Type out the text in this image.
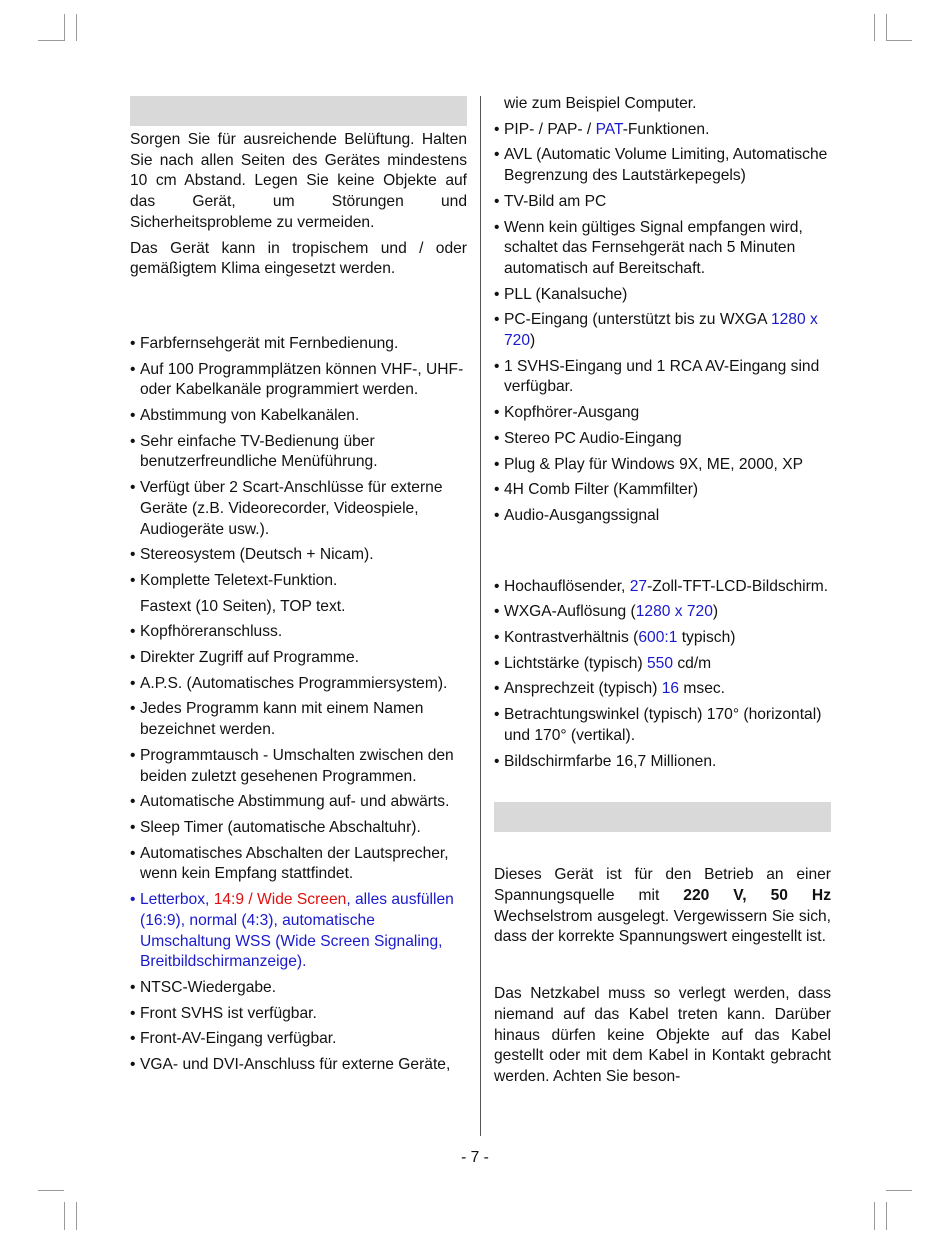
Sorgen Sie für ausreichende Belüftung. Halten Sie nach allen Seiten des Gerätes mindestens 10 cm Abstand. Legen Sie keine Objekte auf das Gerät, um Störungen und Sicherheitsprobleme zu vermeiden.

Das Gerät kann in tropischem und / oder gemäßigtem Klima eingesetzt werden.

• Farbfernsehgerät mit Fernbedienung.
• Auf 100 Programmplätzen können VHF-, UHF- oder Kabelkanäle programmiert werden.
• Abstimmung von Kabelkanälen.
• Sehr einfache TV-Bedienung über benutzerfreundliche Menüführung.
• Verfügt über 2 Scart-Anschlüsse für externe Geräte (z.B. Videorecorder, Videospiele, Audiogeräte usw.).
• Stereosystem (Deutsch + Nicam).
• Komplette Teletext-Funktion.
Fastext (10 Seiten), TOP text.
• Kopfhöreranschluss.
• Direkter Zugriff auf Programme.
• A.P.S. (Automatisches Programmiersystem).
• Jedes Programm kann mit einem Namen bezeichnet werden.
• Programmtausch - Umschalten zwischen den beiden zuletzt gesehenen Programmen.
• Automatische Abstimmung auf- und abwärts.
• Sleep Timer (automatische Abschaltuhr).
• Automatisches Abschalten der Lautsprecher, wenn kein Empfang stattfindet.
• Letterbox, 14:9 / Wide Screen, alles ausfüllen (16:9), normal (4:3), automatische Umschaltung WSS (Wide Screen Signaling, Breitbildschirmanzeige).
• NTSC-Wiedergabe.
• Front SVHS ist verfügbar.
• Front-AV-Eingang verfügbar.
• VGA- und DVI-Anschluss für externe Geräte,
wie zum Beispiel Computer.
• PIP- / PAP- / PAT-Funktionen.
• AVL (Automatic Volume Limiting, Automatische Begrenzung des Lautstärkepegels)
• TV-Bild am PC
• Wenn kein gültiges Signal empfangen wird, schaltet das Fernsehgerät nach 5 Minuten automatisch auf Bereitschaft.
• PLL (Kanalsuche)
• PC-Eingang (unterstützt bis zu WXGA 1280 x 720)
• 1 SVHS-Eingang und 1 RCA AV-Eingang sind verfügbar.
• Kopfhörer-Ausgang
• Stereo PC Audio-Eingang
• Plug & Play für Windows 9X, ME, 2000, XP
• 4H Comb Filter (Kammfilter)
• Audio-Ausgangssignal
• Hochauflösender, 27-Zoll-TFT-LCD-Bildschirm.
• WXGA-Auflösung (1280 x 720)
• Kontrastverhältnis (600:1 typisch)
• Lichtstärke (typisch) 550 cd/m
• Ansprechzeit (typisch) 16 msec.
• Betrachtungswinkel (typisch) 170° (horizontal) und 170° (vertikal).
• Bildschirmfarbe 16,7 Millionen.

Dieses Gerät ist für den Betrieb an einer Spannungsquelle mit 220 V, 50 Hz Wechselstrom ausgelegt. Vergewissern Sie sich, dass der korrekte Spannungswert eingestellt ist.

Das Netzkabel muss so verlegt werden, dass niemand auf das Kabel treten kann. Darüber hinaus dürfen keine Objekte auf das Kabel gestellt oder mit dem Kabel in Kontakt gebracht werden. Achten Sie beson-

- 7 -
